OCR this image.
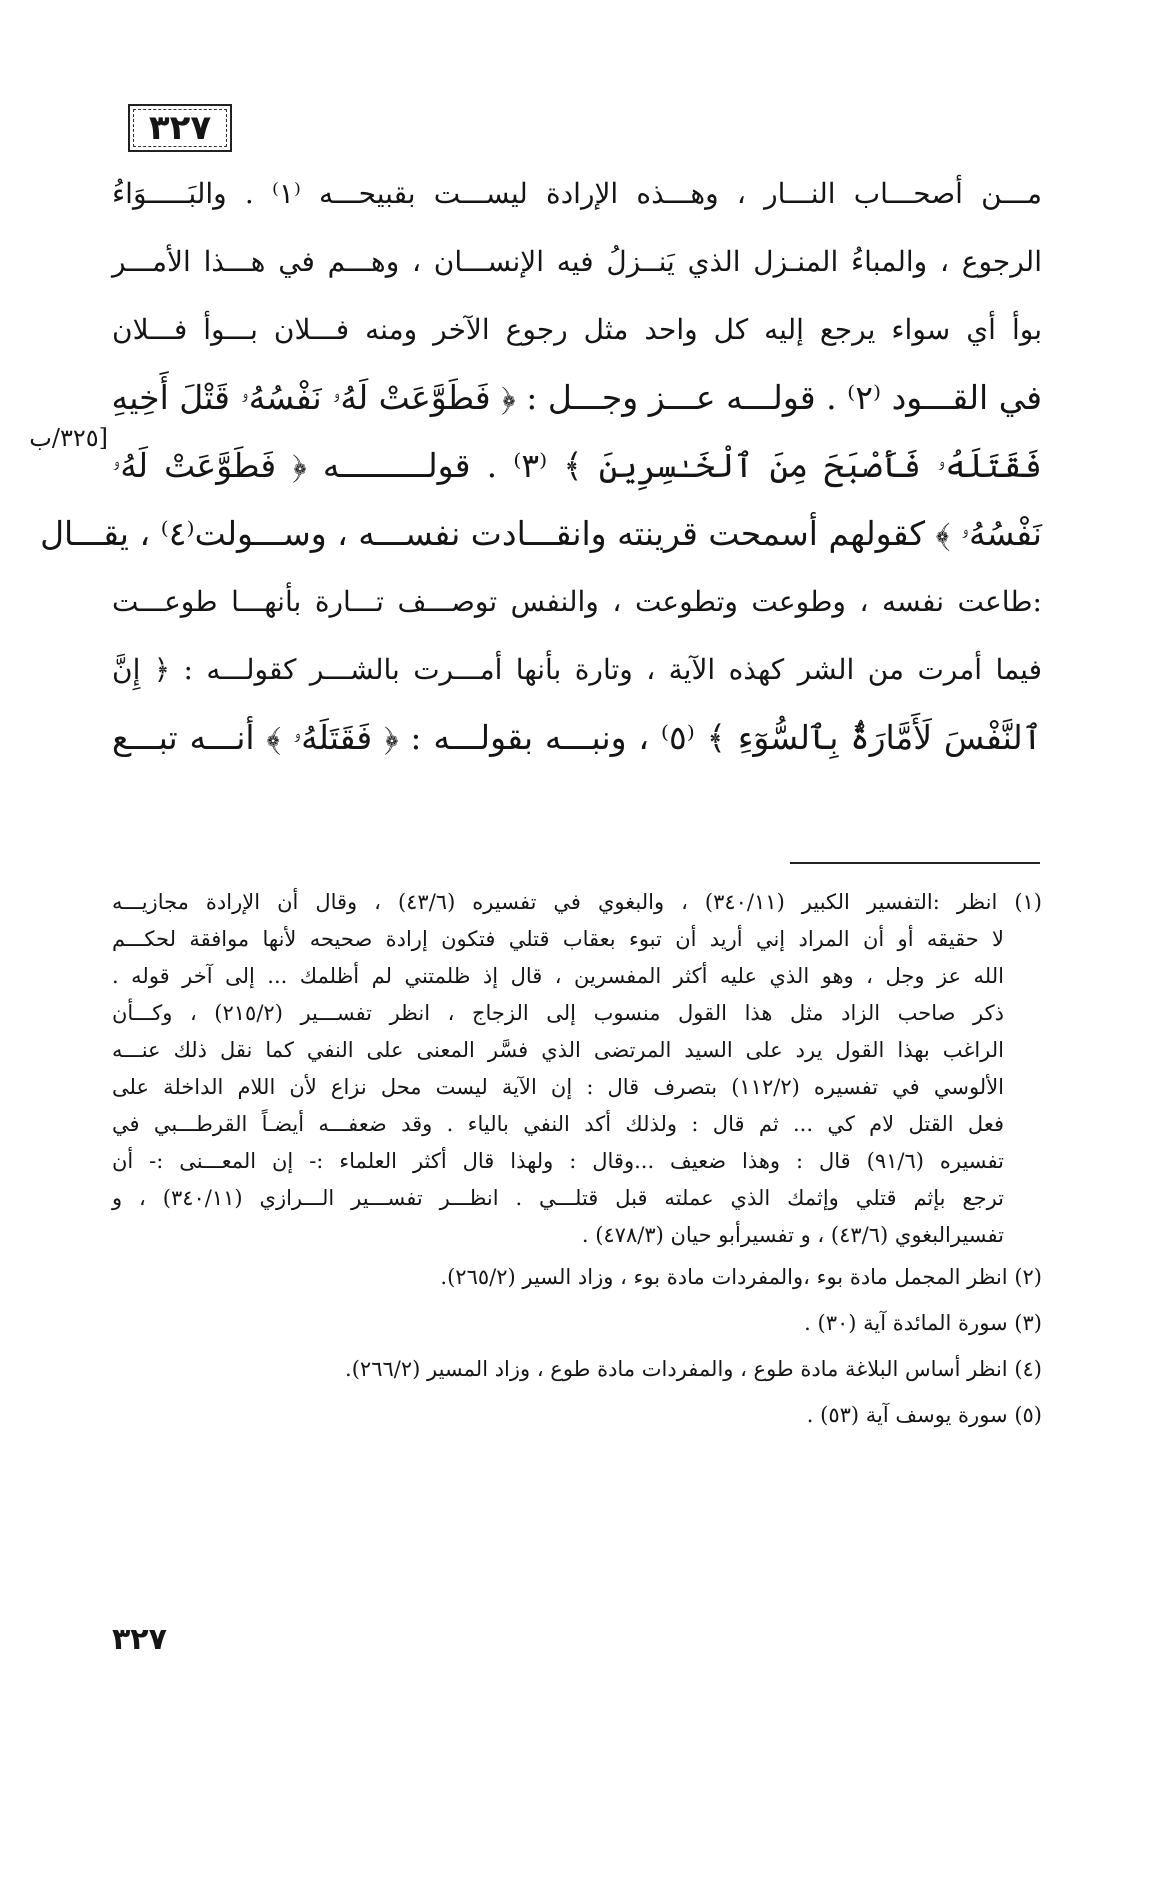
٣٢٧
[٣٢٥/ب
مـــن أصحـــاب النـــار ، وهـــذه الإرادة ليســـت بقبيحـــه ⁽١⁾ . والبَـــــوَاءُ
الرجوع ، والمباءُ المنـزل الذي يَنــزلُ فيه الإنســـان ، وهـــم في هـــذا الأمـــر
بوأ أي سواء يرجع إليه كل واحد مثل رجوع الآخر ومنه فـــلان بـــوأ فـــلان
في القـــود ⁽٢⁾ . قولـــه عـــز وجـــل : ﴿ فَطَوَّعَتْ لَهُۥ نَفْسُهُۥ قَتْلَ أَخِيهِ
فَقَتَلَهُۥ فَأَصْبَحَ مِنَ ٱلْخَـٰسِرِينَ ﴾ ⁽٣⁾ . قولـــــــــه ﴿ فَطَوَّعَتْ لَهُۥ
نَفْسُهُۥ ﴾ كقولهم أسمحت قرينته وانقـــادت نفســـه ، وســـولت⁽٤⁾ ، يقـــال
:طاعت نفسه ، وطوعت وتطوعت ، والنفس توصـــف تـــارة بأنهـــا طوعـــت
فيما أمرت من الشر كهذه الآية ، وتارة بأنها أمـــرت بالشـــر كقولـــه : ﴿ إِنَّ
ٱلنَّفْسَ لَأَمَّارَةٌۢ بِٱلسُّوٓءِ ﴾ ⁽٥⁾ ، ونبـــه بقولـــه : ﴿ فَقَتَلَهُۥ ﴾ أنـــه تبـــع
(١) انظر :التفسير الكبير (٣٤٠/١١) ، والبغوي في تفسيره (٤٣/٦) ، وقال أن الإرادة مجازيـــه
لا حقيقه أو أن المراد إني أريد أن تبوء بعقاب قتلي فتكون إرادة صحيحه لأنها موافقة لحكـــم
الله عز وجل ، وهو الذي عليه أكثر المفسرين ، قال إذ ظلمتني لم أظلمك ... إلى آخر قوله .
ذكر صاحب الزاد مثل هذا القول منسوب إلى الزجاج ، انظر تفســـير (٢١٥/٢) ، وكـــأن
الراغب بهذا القول يرد على السيد المرتضى الذي فسَّر المعنى على النفي كما نقل ذلك عنـــه
الألوسي في تفسيره (١١٢/٢) بتصرف قال : إن الآية ليست محل نزاع لأن اللام الداخلة على
فعل القتل لام كي ... ثم قال : ولذلك أكد النفي بالياء . وقد ضعفـــه أيضـاً القرطـــبي في
تفسيره (٩١/٦) قال : وهذا ضعيف ...وقال : ولهذا قال أكثر العلماء :- إن المعـــنى :- أن
ترجع بإثم قتلي وإثمك الذي عملته قبل قتلـــي . انظـــر تفســـير الـــرازي (٣٤٠/١١) ، و
تفسيرالبغوي (٤٣/٦) ، و تفسيرأبو حيان (٤٧٨/٣) .
(٢) انظر المجمل مادة بوء ،والمفردات مادة بوء ، وزاد السير (٢٦٥/٢).
(٣) سورة المائدة آية (٣٠) .
(٤) انظر أساس البلاغة مادة طوع ، والمفردات مادة طوع ، وزاد المسير (٢٦٦/٢).
(٥) سورة يوسف آية (٥٣) .
٣٢٧
